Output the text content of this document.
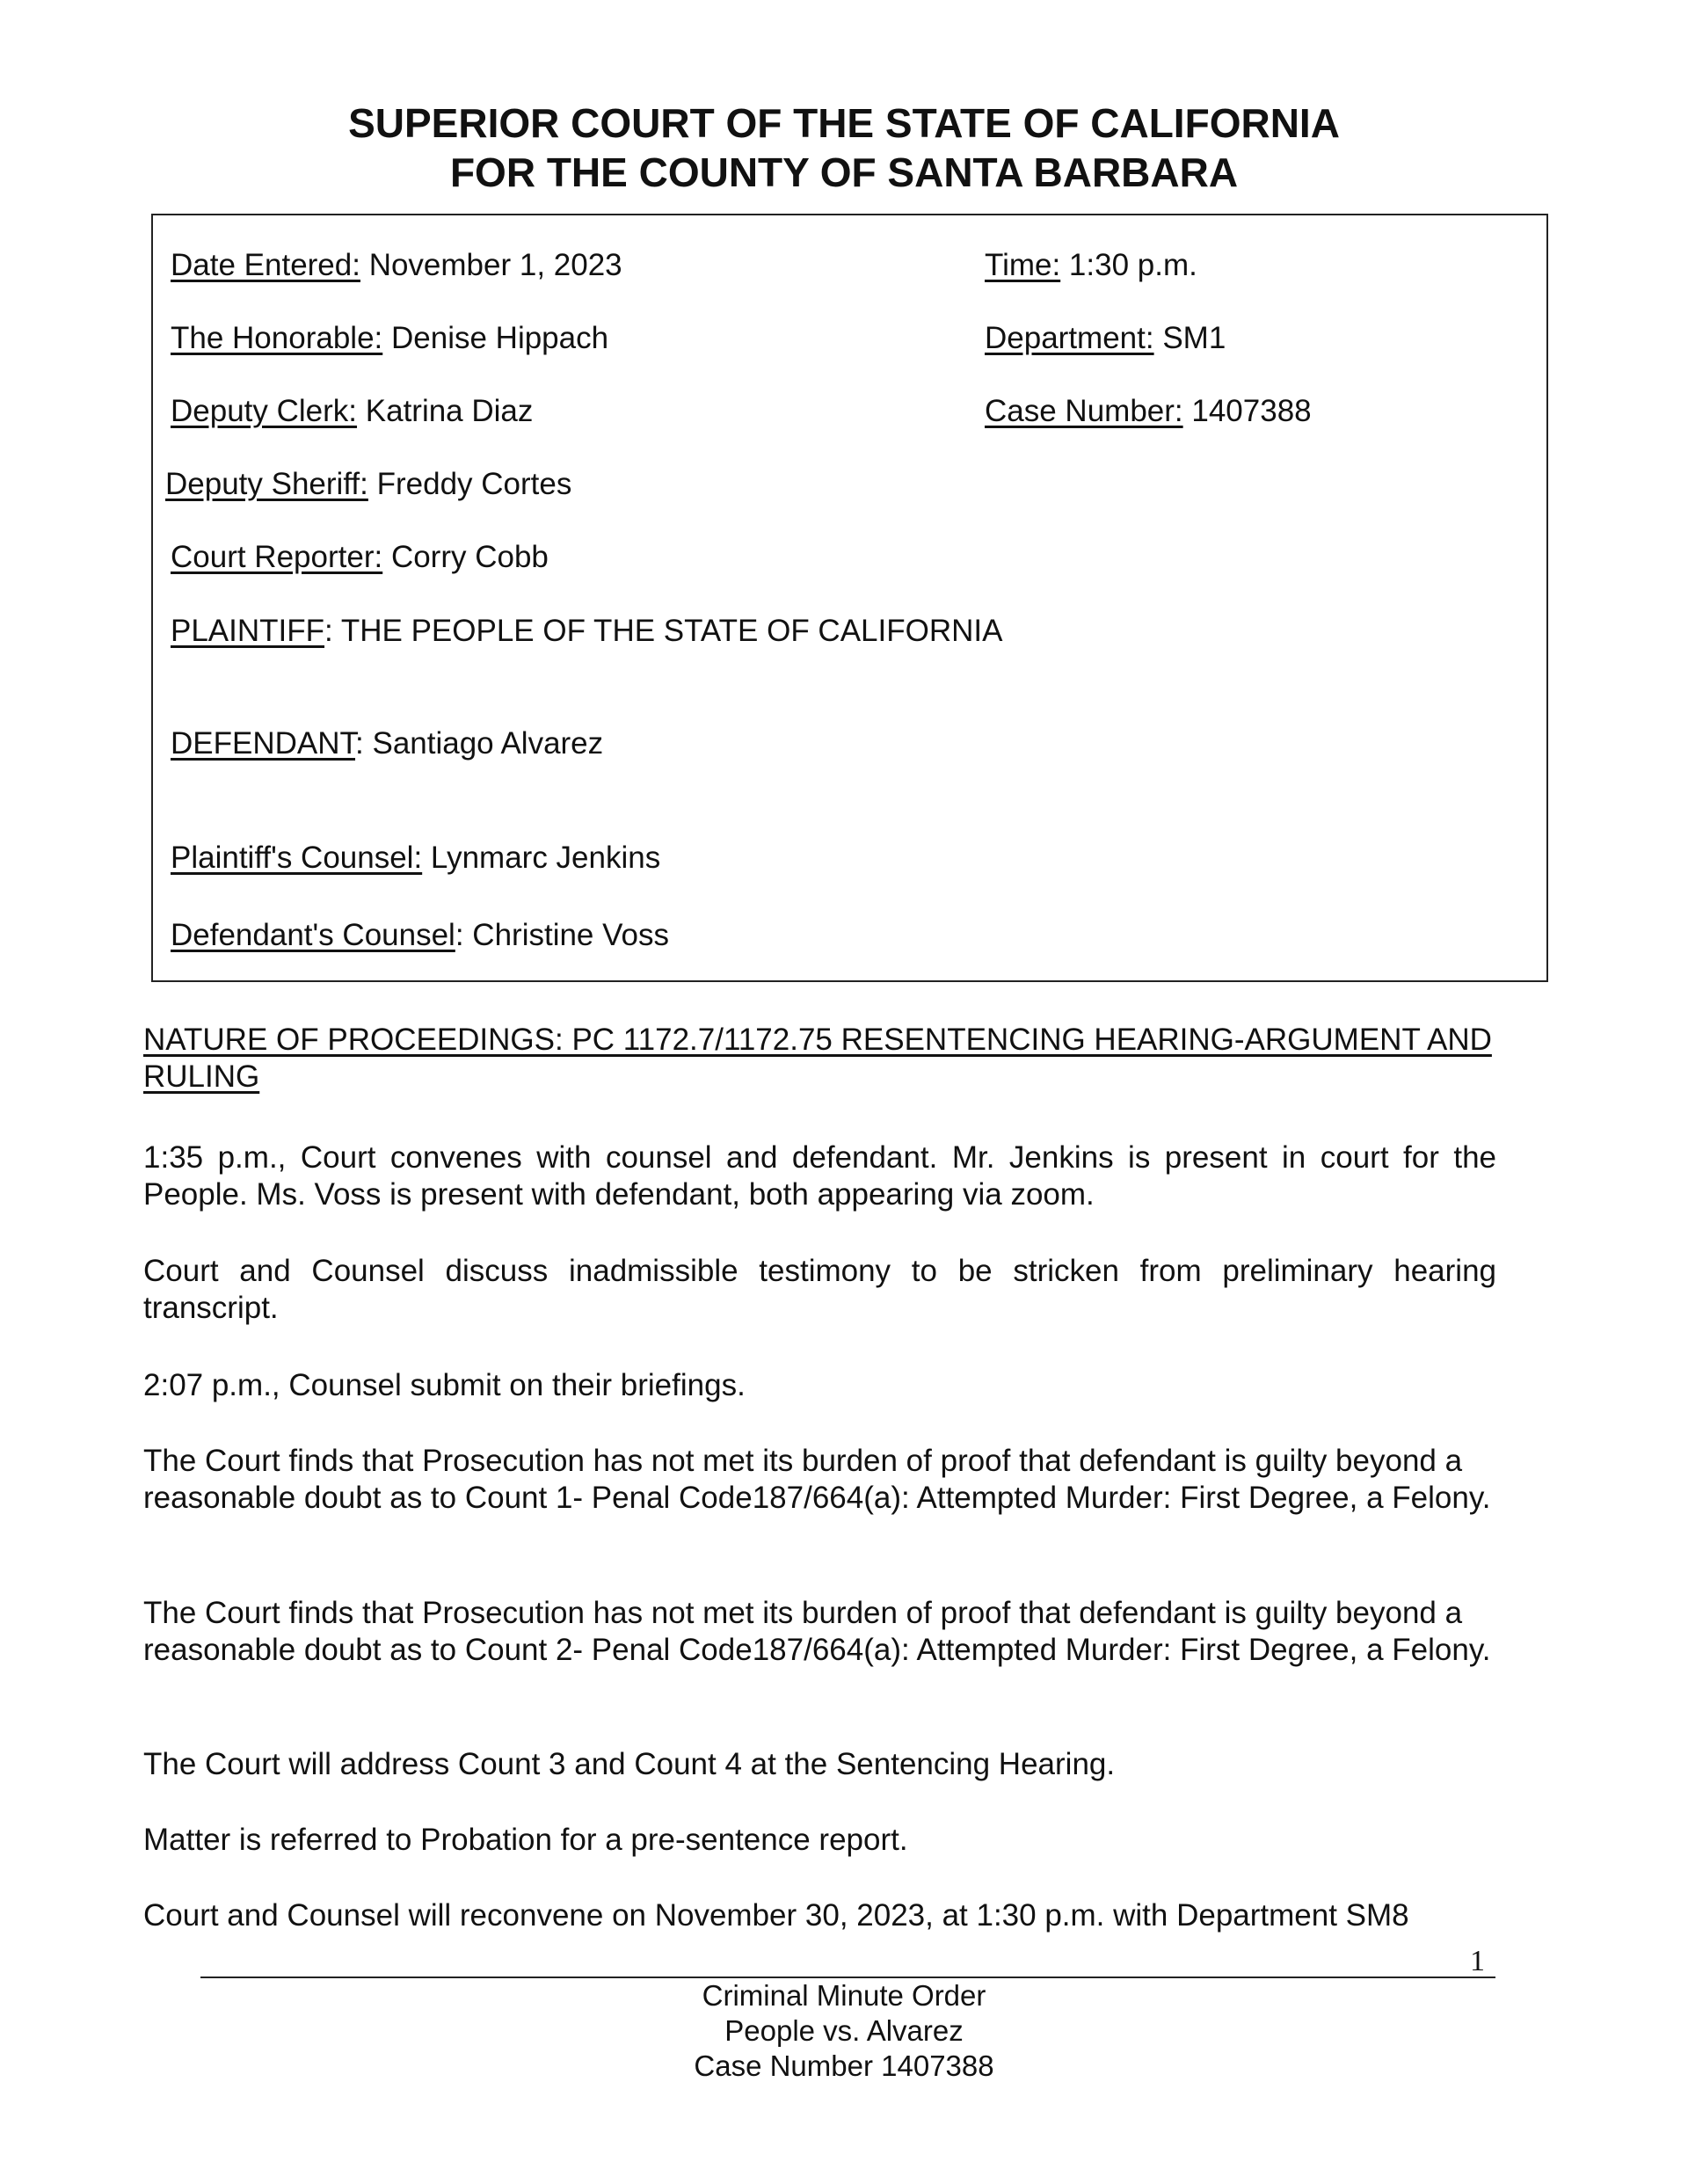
SUPERIOR COURT OF THE STATE OF CALIFORNIA
FOR THE COUNTY OF SANTA BARBARA
Date Entered: November 1, 2023	Time: 1:30 p.m.
The Honorable: Denise Hippach	Department: SM1
Deputy Clerk: Katrina Diaz	Case Number: 1407388
Deputy Sheriff: Freddy Cortes
Court Reporter: Corry Cobb
PLAINTIFF: THE PEOPLE OF THE STATE OF CALIFORNIA
DEFENDANT: Santiago Alvarez
Plaintiff's Counsel: Lynmarc Jenkins
Defendant's Counsel: Christine Voss
NATURE OF PROCEEDINGS: PC 1172.7/1172.75 RESENTENCING HEARING-ARGUMENT AND RULING
1:35 p.m., Court convenes with counsel and defendant. Mr. Jenkins is present in court for the People. Ms. Voss is present with defendant, both appearing via zoom.
Court and Counsel discuss inadmissible testimony to be stricken from preliminary hearing transcript.
2:07 p.m., Counsel submit on their briefings.
The Court finds that Prosecution has not met its burden of proof that defendant is guilty beyond a reasonable doubt as to Count 1- Penal Code187/664(a): Attempted Murder: First Degree, a Felony.
The Court finds that Prosecution has not met its burden of proof that defendant is guilty beyond a reasonable doubt as to Count 2- Penal Code187/664(a): Attempted Murder: First Degree, a Felony.
The Court will address Count 3 and Count 4 at the Sentencing Hearing.
Matter is referred to Probation for a pre-sentence report.
Court and Counsel will reconvene on November 30, 2023, at 1:30 p.m. with Department SM8
1
Criminal Minute Order
People vs. Alvarez
Case Number 1407388
